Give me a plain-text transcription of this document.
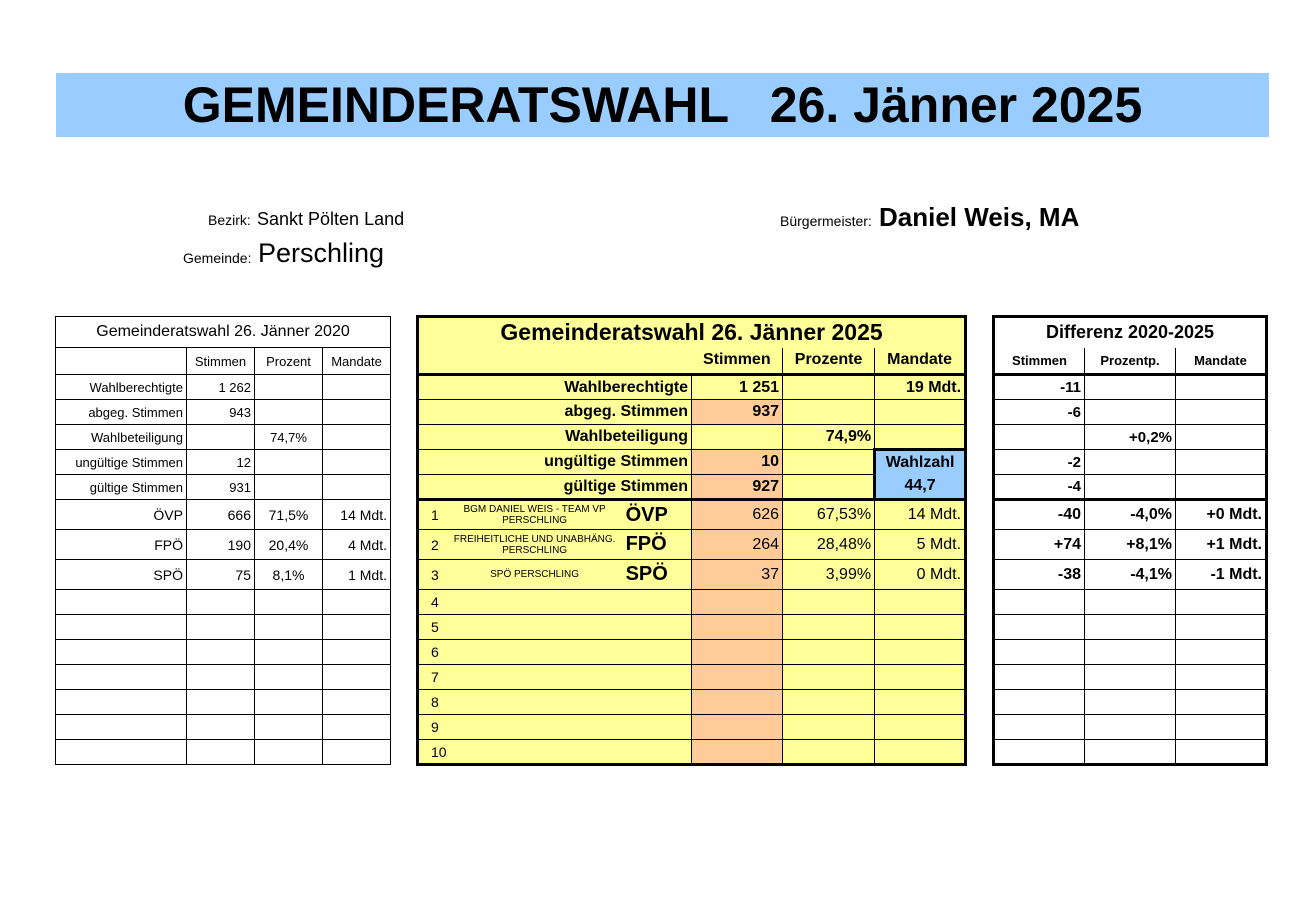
GEMEINDERATSWAHL   26. Jänner 2025
Bezirk: Sankt Pölten Land
Gemeinde: Perschling
Bürgermeister: Daniel Weis, MA
Gemeinderatswahl 26. Jänner 2020			
	Stimmen	Prozent	Mandate
Wahlberechtigte	1 262		
abgeg. Stimmen	943		
Wahlbeteiligung		74,7%	
ungültige Stimmen	12		
gültige Stimmen	931		
ÖVP	666	71,5%	14 Mdt.
FPÖ	190	20,4%	4 Mdt.
SPÖ	75	8,1%	1 Mdt.

Gemeinderatswahl 26. Jänner 2025					
			Stimmen	Prozente	Mandate
Wahlberechtigte			1 251		19 Mdt.
abgeg. Stimmen			937		
Wahlbeteiligung				74,9%	
ungültige Stimmen			10		Wahlzahl
gültige Stimmen			927		44,7
1	BGM DANIEL WEIS - TEAM VP PERSCHLING	ÖVP	626	67,53%	14 Mdt.
2	FREIHEITLICHE UND UNABHÄNG. PERSCHLING	FPÖ	264	28,48%	5 Mdt.
3	SPÖ PERSCHLING	SPÖ	37	3,99%	0 Mdt.
4					
5					
6					
7					
8					
9					
10					
Differenz 2020-2025		
Stimmen	Prozentp.	Mandate
-11		
-6		
	+0,2%	
-2		
-4		
-40	-4,0%	+0 Mdt.
+74	+8,1%	+1 Mdt.
-38	-4,1%	-1 Mdt.
